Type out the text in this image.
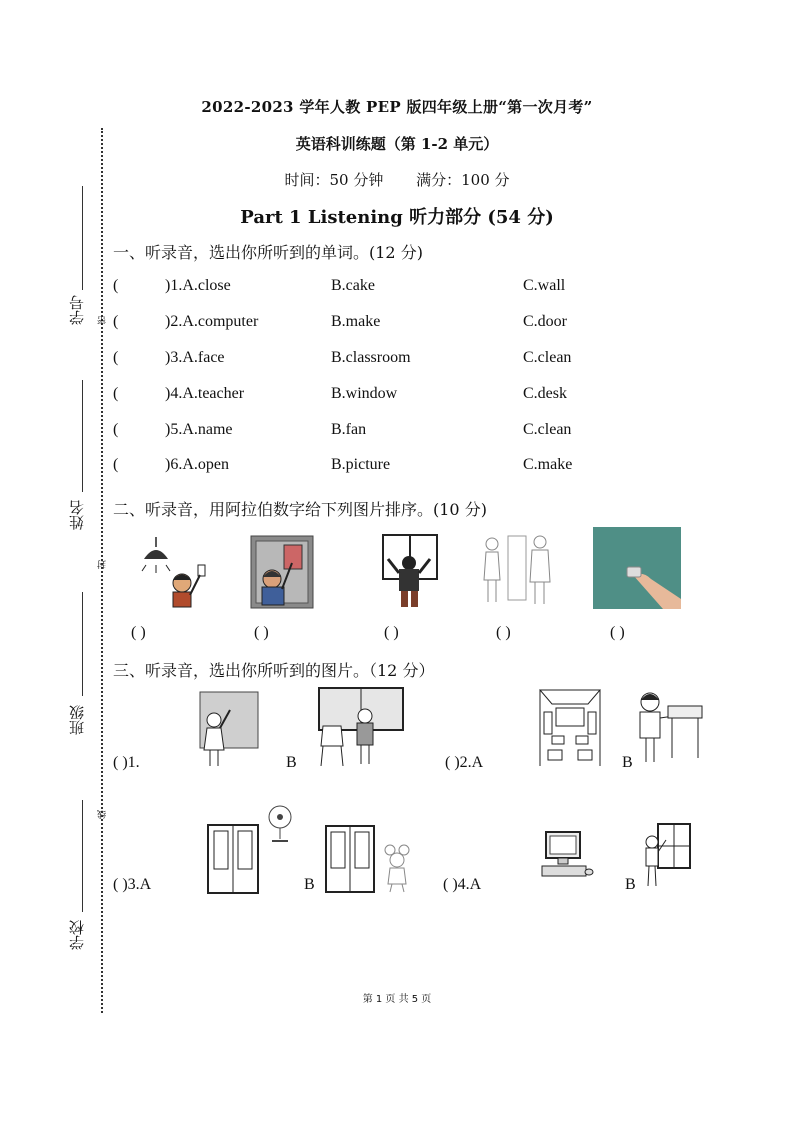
学号
姓名
班级
学校
密
封
线
2022-2023 学年人教 PEP 版四年级上册“第一次月考”
英语科训练题（第 1-2 单元）
时间：50 分钟 满分：100 分
Part 1 Listening 听力部分 (54 分)
一、听录音，选出你所听到的单词。(12 分)
(	)1.A.close	B.cake	C.wall
(	)2.A.computer	B.make	C.door
(	)3.A.face	B.classroom	C.clean
(	)4.A.teacher	B.window	C.desk
(	)5.A.name	B.fan	C.clean
(	)6.A.open	B.picture	C.make
二、听录音，用阿拉伯数字给下列图片排序。(10 分)
( )	( )	( )	( )	( )
三、听录音，选出你所听到的图片。（12 分）
( )1.	B	( )2.A	B
( )3.A	B	( )4.A	B
第 1 页 共 5 页
